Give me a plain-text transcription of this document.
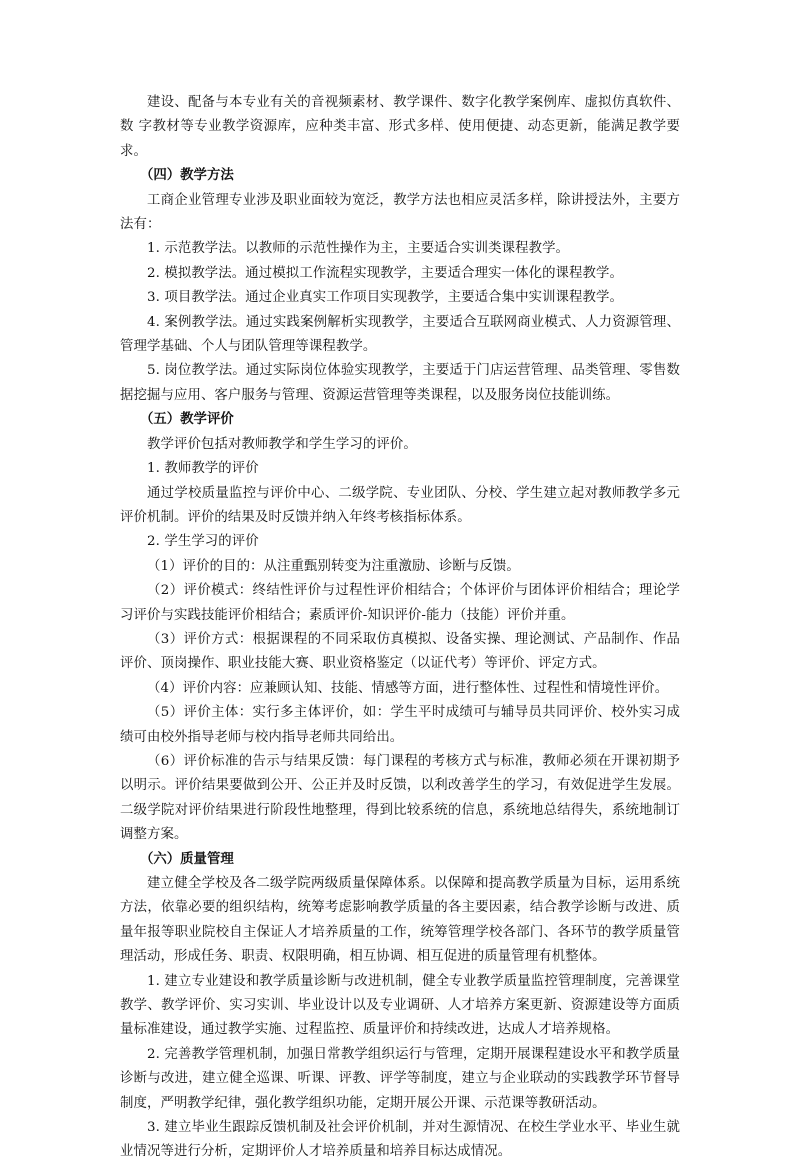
建设、配备与本专业有关的音视频素材、教学课件、数字化教学案例库、虚拟仿真软件、数 字教材等专业教学资源库，应种类丰富、形式多样、使用便捷、动态更新，能满足教学要求。
（四）教学方法
工商企业管理专业涉及职业面较为宽泛，教学方法也相应灵活多样，除讲授法外，主要方法有：
1. 示范教学法。以教师的示范性操作为主，主要适合实训类课程教学。
2. 模拟教学法。通过模拟工作流程实现教学，主要适合理实一体化的课程教学。
3. 项目教学法。通过企业真实工作项目实现教学，主要适合集中实训课程教学。
4. 案例教学法。通过实践案例解析实现教学，主要适合互联网商业模式、人力资源管理、管理学基础、个人与团队管理等课程教学。
5. 岗位教学法。通过实际岗位体验实现教学，主要适于门店运营管理、品类管理、零售数据挖掘与应用、客户服务与管理、资源运营管理等类课程，以及服务岗位技能训练。
（五）教学评价
教学评价包括对教师教学和学生学习的评价。
1. 教师教学的评价
通过学校质量监控与评价中心、二级学院、专业团队、分校、学生建立起对教师教学多元评价机制。评价的结果及时反馈并纳入年终考核指标体系。
2. 学生学习的评价
（1）评价的目的：从注重甄别转变为注重激励、诊断与反馈。
（2）评价模式：终结性评价与过程性评价相结合；个体评价与团体评价相结合；理论学习评价与实践技能评价相结合；素质评价-知识评价-能力（技能）评价并重。
（3）评价方式：根据课程的不同采取仿真模拟、设备实操、理论测试、产品制作、作品评价、顶岗操作、职业技能大赛、职业资格鉴定（以证代考）等评价、评定方式。
（4）评价内容：应兼顾认知、技能、情感等方面，进行整体性、过程性和情境性评价。
（5）评价主体：实行多主体评价，如：学生平时成绩可与辅导员共同评价、校外实习成绩可由校外指导老师与校内指导老师共同给出。
（6）评价标准的告示与结果反馈：每门课程的考核方式与标准，教师必须在开课初期予以明示。评价结果要做到公开、公正并及时反馈，以利改善学生的学习，有效促进学生发展。二级学院对评价结果进行阶段性地整理，得到比较系统的信息，系统地总结得失，系统地制订调整方案。
（六）质量管理
建立健全学校及各二级学院两级质量保障体系。以保障和提高教学质量为目标，运用系统方法，依靠必要的组织结构，统筹考虑影响教学质量的各主要因素，结合教学诊断与改进、质量年报等职业院校自主保证人才培养质量的工作，统筹管理学校各部门、各环节的教学质量管理活动，形成任务、职责、权限明确，相互协调、相互促进的质量管理有机整体。
1. 建立专业建设和教学质量诊断与改进机制，健全专业教学质量监控管理制度，完善课堂教学、教学评价、实习实训、毕业设计以及专业调研、人才培养方案更新、资源建设等方面质量标准建设，通过教学实施、过程监控、质量评价和持续改进，达成人才培养规格。
2. 完善教学管理机制，加强日常教学组织运行与管理，定期开展课程建设水平和教学质量诊断与改进，建立健全巡课、听课、评教、评学等制度，建立与企业联动的实践教学环节督导制度，严明教学纪律，强化教学组织功能，定期开展公开课、示范课等教研活动。
3. 建立毕业生跟踪反馈机制及社会评价机制，并对生源情况、在校生学业水平、毕业生就业情况等进行分析，定期评价人才培养质量和培养目标达成情况。
